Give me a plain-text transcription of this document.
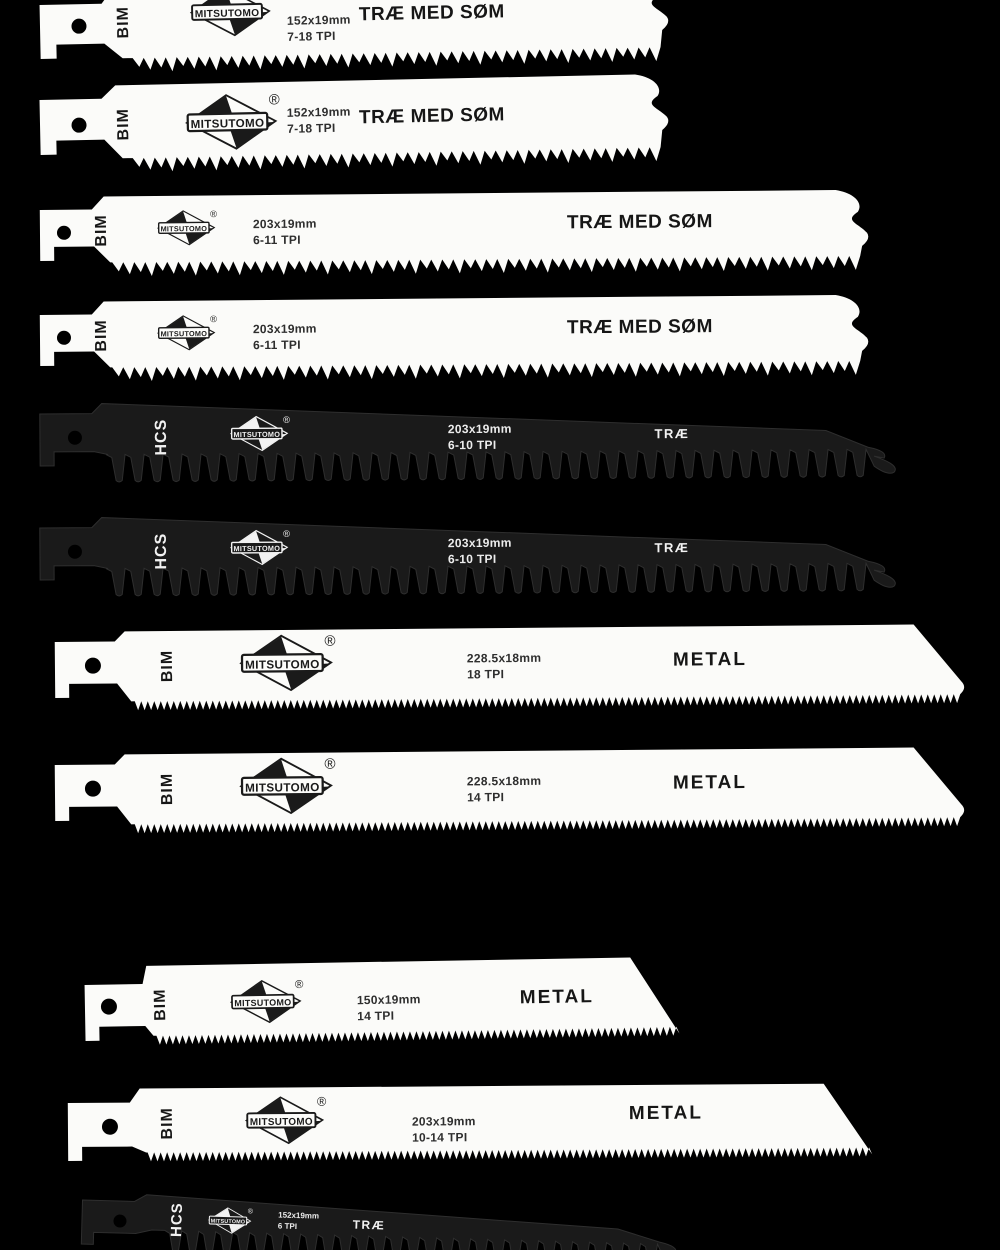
BIM	MITSUTOMO 152x19mm
7-18 TPI
TRÆ MED SØM
BIM	MITSUTOMO
®
152x19mm
7-18 TPI
TRÆ MED SØM
BIM	MITSUTOMO
®
203x19mm
6-11 TPI
TRÆ MED SØM
BIM	MITSUTOMO
®
203x19mm
6-11 TPI
TRÆ MED SØM
HCS	MITSUTOMO
®
203x19mm
6-10 TPI
TRÆ
HCS	MITSUTOMO
®
203x19mm
6-10 TPI
TRÆ
BIM	MITSUTOMO
®
228.5x18mm
18 TPI
METAL
BIM	MITSUTOMO
®
228.5x18mm
14 TPI
METAL
BIM	MITSUTOMO
®
150x19mm
14 TPI
METAL
BIM	MITSUTOMO
®
203x19mm
10-14 TPI
METAL
HCS MITSUTOMO
®	152x19mm
6 TPI	TRÆ
